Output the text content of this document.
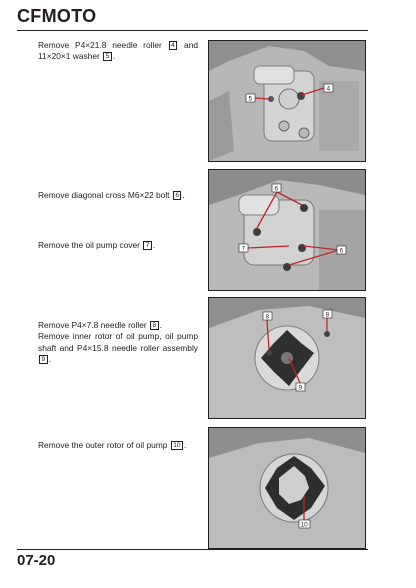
CFMOTO
Remove P4×21.8 needle roller 4 and 11×20×1 washer 5 .
Remove diagonal cross M6×22 bolt 6 .
Remove the oil pump cover 7 .
Remove P4×7.8 needle roller 8 .
Remove inner rotor of oil pump, oil pump shaft and P4×15.8 needle roller assembly 9 .
Remove the outer rotor of oil pump 10 .
4
5
6
7	6
8	8
9
10
07-20
